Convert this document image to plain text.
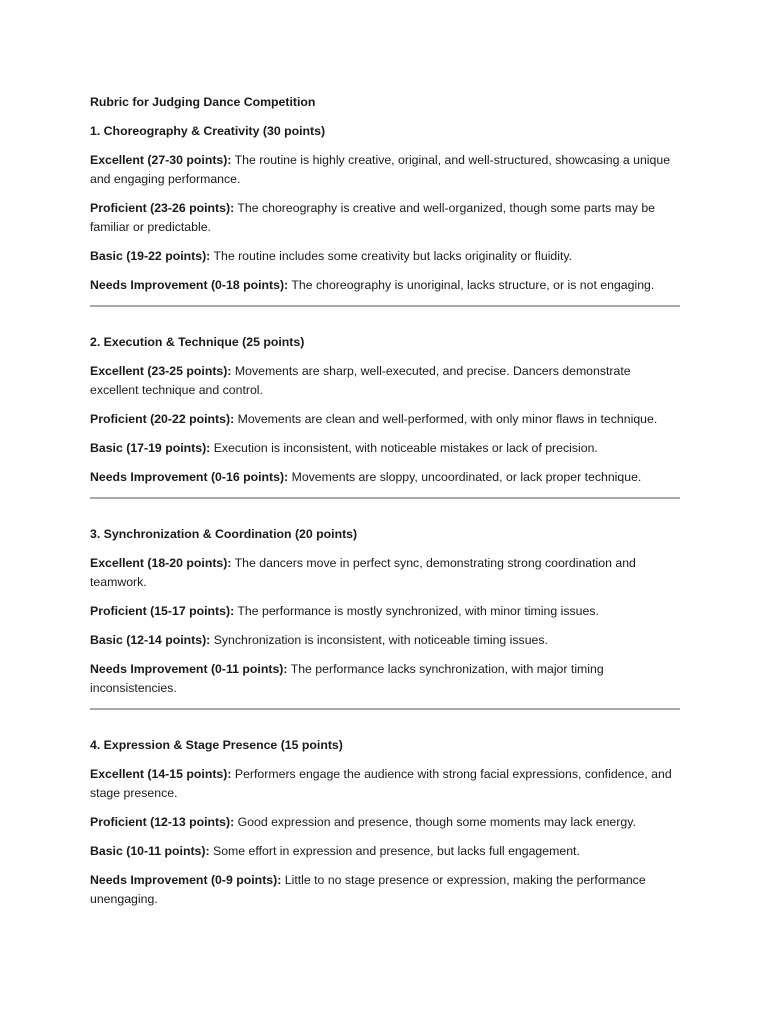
Rubric for Judging Dance Competition
1. Choreography & Creativity (30 points)
Excellent (27-30 points): The routine is highly creative, original, and well-structured, showcasing a unique and engaging performance.
Proficient (23-26 points): The choreography is creative and well-organized, though some parts may be familiar or predictable.
Basic (19-22 points): The routine includes some creativity but lacks originality or fluidity.
Needs Improvement (0-18 points): The choreography is unoriginal, lacks structure, or is not engaging.
2. Execution & Technique (25 points)
Excellent (23-25 points): Movements are sharp, well-executed, and precise. Dancers demonstrate excellent technique and control.
Proficient (20-22 points): Movements are clean and well-performed, with only minor flaws in technique.
Basic (17-19 points): Execution is inconsistent, with noticeable mistakes or lack of precision.
Needs Improvement (0-16 points): Movements are sloppy, uncoordinated, or lack proper technique.
3. Synchronization & Coordination (20 points)
Excellent (18-20 points): The dancers move in perfect sync, demonstrating strong coordination and teamwork.
Proficient (15-17 points): The performance is mostly synchronized, with minor timing issues.
Basic (12-14 points): Synchronization is inconsistent, with noticeable timing issues.
Needs Improvement (0-11 points): The performance lacks synchronization, with major timing inconsistencies.
4. Expression & Stage Presence (15 points)
Excellent (14-15 points): Performers engage the audience with strong facial expressions, confidence, and stage presence.
Proficient (12-13 points): Good expression and presence, though some moments may lack energy.
Basic (10-11 points): Some effort in expression and presence, but lacks full engagement.
Needs Improvement (0-9 points): Little to no stage presence or expression, making the performance unengaging.
